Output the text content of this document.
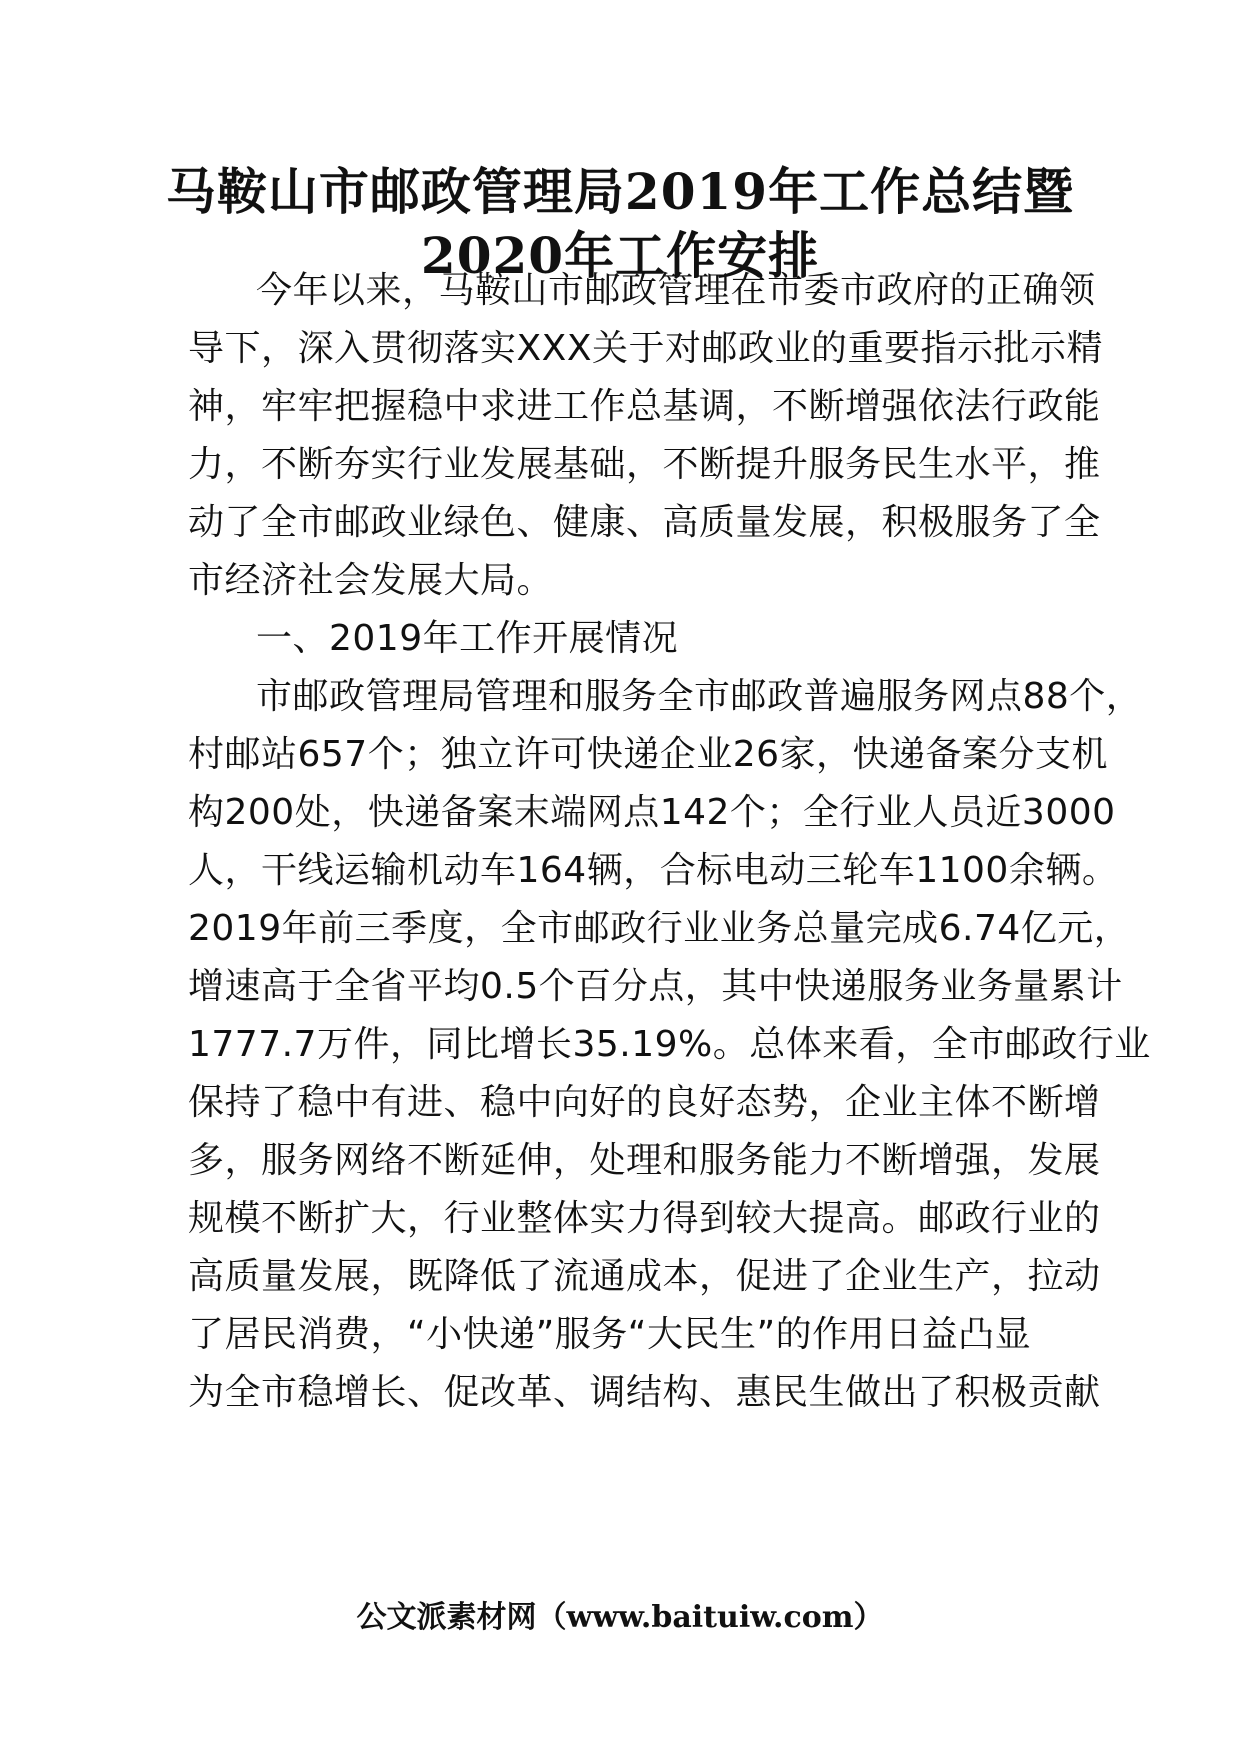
马鞍山市邮政管理局2019年工作总结暨
2020年工作安排
今年以来，马鞍山市邮政管理在市委市政府的正确领
导下，深入贯彻落实XXX关于对邮政业的重要指示批示精
神，牢牢把握稳中求进工作总基调，不断增强依法行政能
力，不断夯实行业发展基础，不断提升服务民生水平，推
动了全市邮政业绿色、健康、高质量发展，积极服务了全
市经济社会发展大局。
一、2019年工作开展情况
市邮政管理局管理和服务全市邮政普遍服务网点88个，
村邮站657个；独立许可快递企业26家，快递备案分支机
构200处，快递备案末端网点142个；全行业人员近3000
人，干线运输机动车164辆，合标电动三轮车1100余辆。
2019年前三季度，全市邮政行业业务总量完成6.74亿元，
增速高于全省平均0.5个百分点，其中快递服务业务量累计
1777.7万件，同比增长35.19%。总体来看，全市邮政行业
保持了稳中有进、稳中向好的良好态势，企业主体不断增
多，服务网络不断延伸，处理和服务能力不断增强，发展
规模不断扩大，行业整体实力得到较大提高。邮政行业的
高质量发展，既降低了流通成本，促进了企业生产，拉动
了居民消费，“小快递”服务“大民生”的作用日益凸显
为全市稳增长、促改革、调结构、惠民生做出了积极贡献
公文派素材网（www.baituiw.com）
